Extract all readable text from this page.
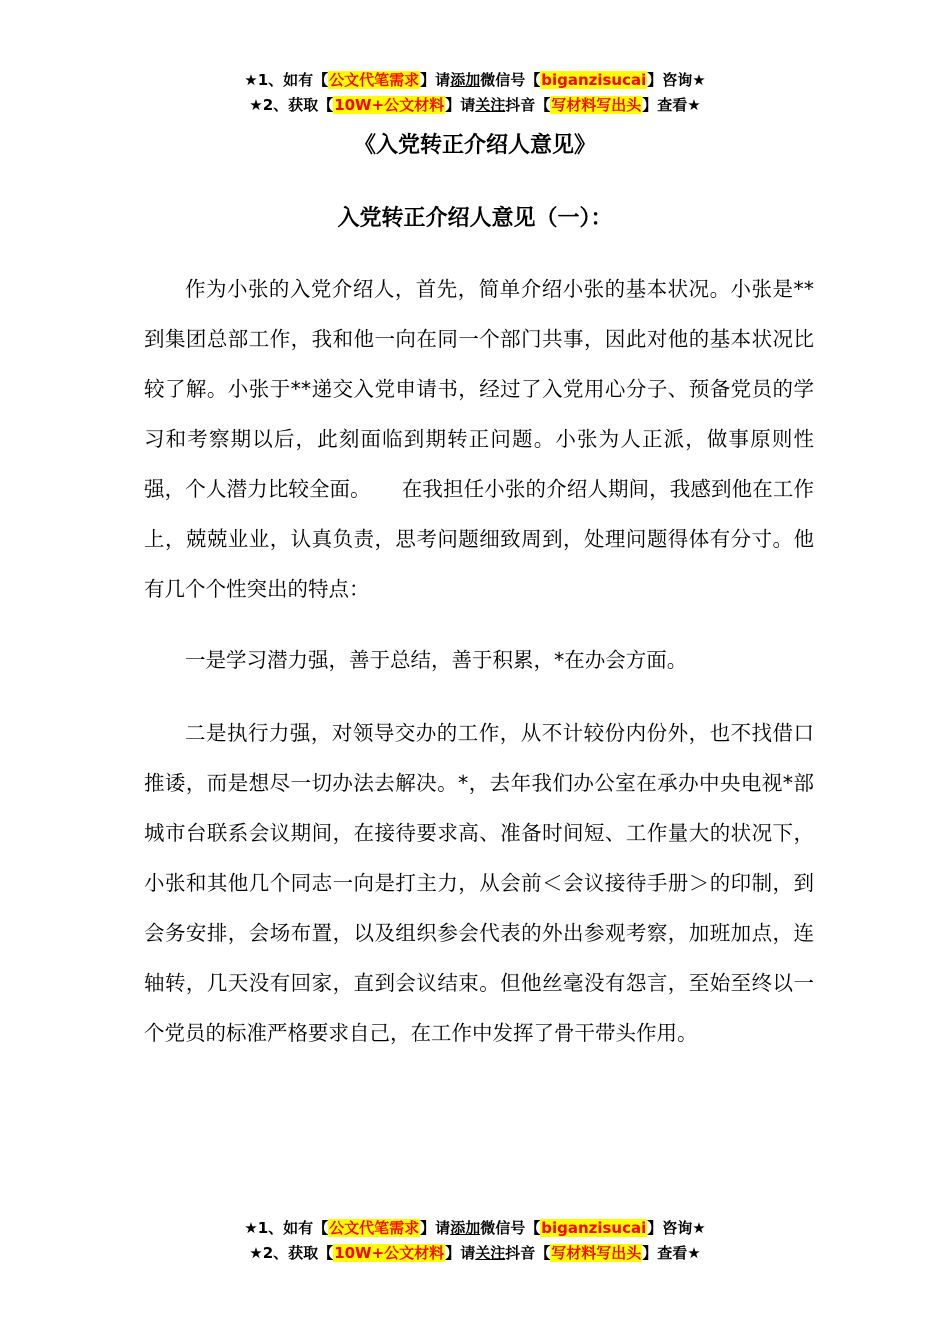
★1、如有【公文代笔需求】请添加微信号【biganzisucai】咨询★
★2、获取【10W+公文材料】请关注抖音【写材料写出头】查看★
《入党转正介绍人意见》
入党转正介绍人意见（一）：

作为小张的入党介绍人，首先，简单介绍小张的基本状况。小张是**到集团总部工作，我和他一向在同一个部门共事，因此对他的基本状况比较了解。小张于**递交入党申请书，经过了入党用心分子、预备党员的学习和考察期以后，此刻面临到期转正问题。小张为人正派，做事原则性强，个人潜力比较全面。　　在我担任小张的介绍人期间，我感到他在工作上，兢兢业业，认真负责，思考问题细致周到，处理问题得体有分寸。他有几个个性突出的特点：

一是学习潜力强，善于总结，善于积累，*在办会方面。

二是执行力强，对领导交办的工作，从不计较份内份外，也不找借口推诿，而是想尽一切办法去解决。*，去年我们办公室在承办中央电视*部城市台联系会议期间，在接待要求高、准备时间短、工作量大的状况下，小张和其他几个同志一向是打主力，从会前＜会议接待手册＞的印制，到会务安排，会场布置，以及组织参会代表的外出参观考察，加班加点，连轴转，几天没有回家，直到会议结束。但他丝毫没有怨言，至始至终以一个党员的标准严格要求自己，在工作中发挥了骨干带头作用。

★1、如有【公文代笔需求】请添加微信号【biganzisucai】咨询★
★2、获取【10W+公文材料】请关注抖音【写材料写出头】查看★
